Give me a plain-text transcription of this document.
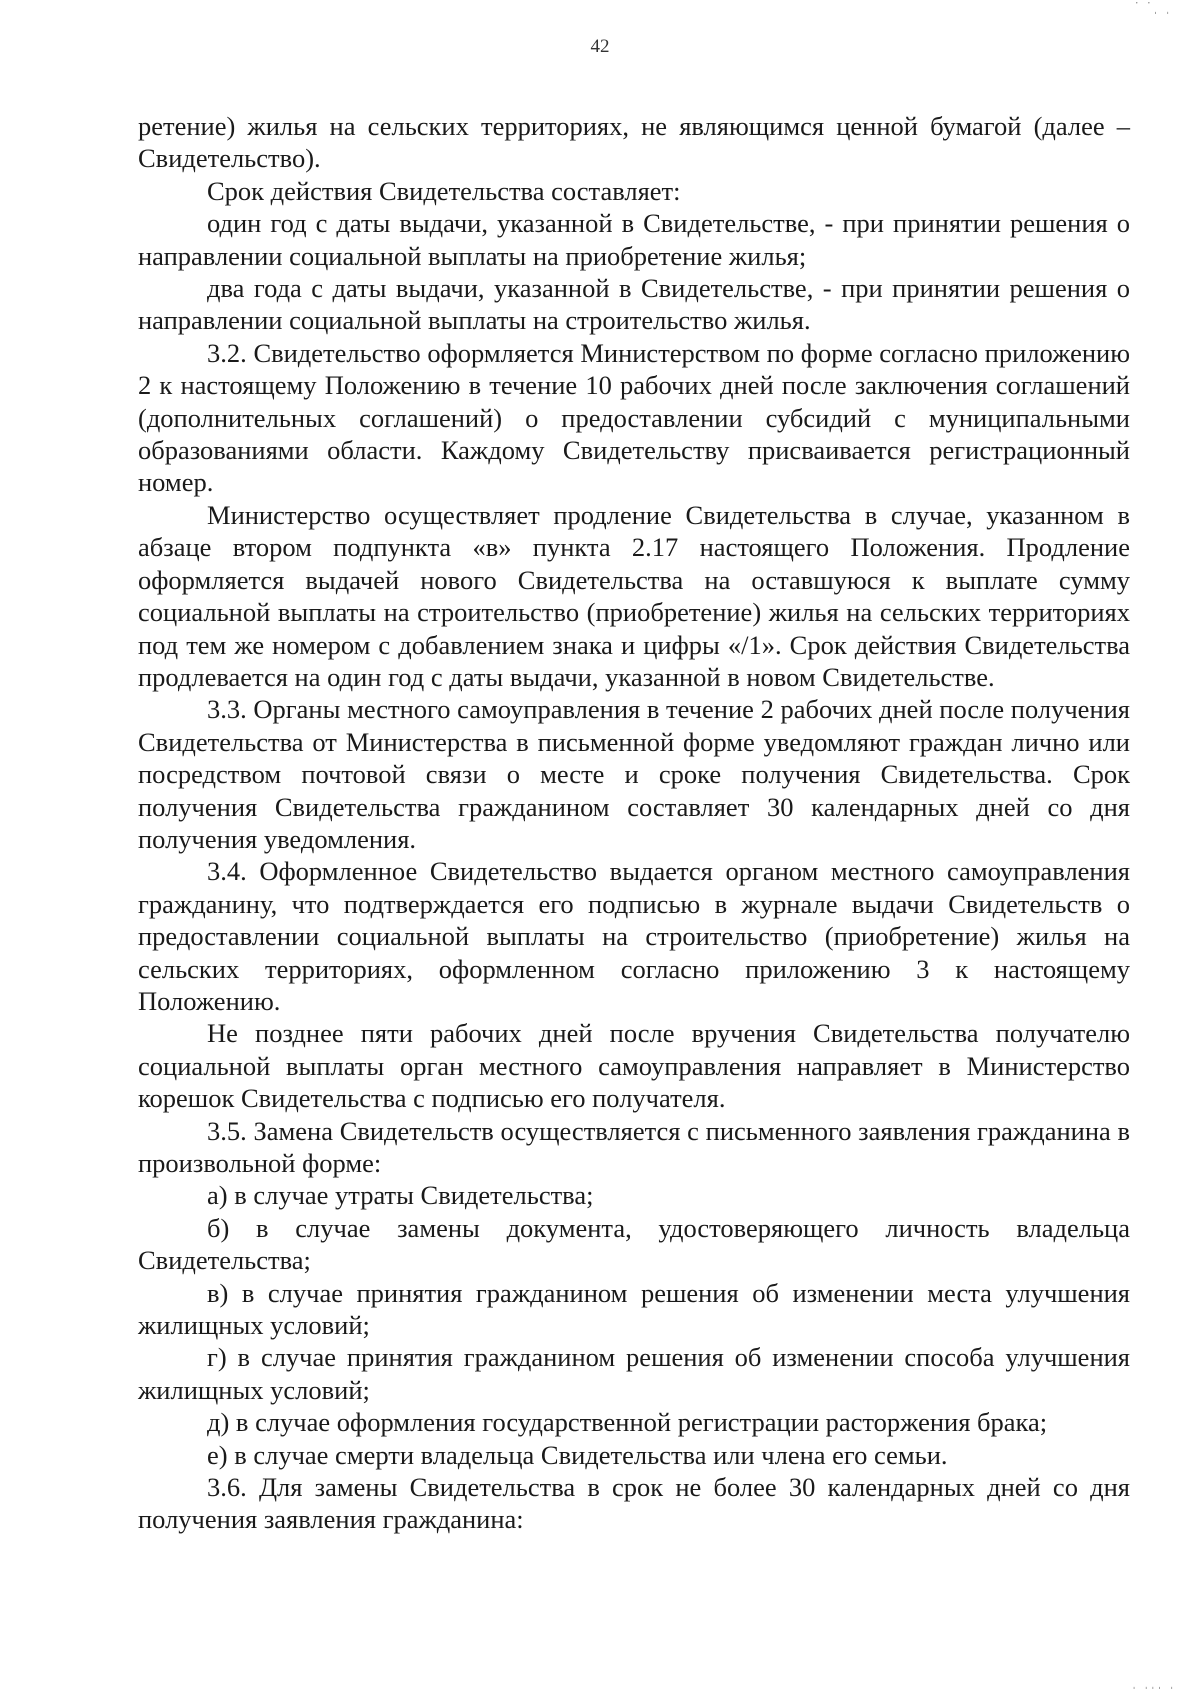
˙ ˙ˌ ˌ
42

ретение) жилья на сельских территориях, не являющимся ценной бумагой (далее – Свидетельство).

Срок действия Свидетельства составляет:

один год с даты выдачи, указанной в Свидетельстве, - при принятии решения о направлении социальной выплаты на приобретение жилья;

два года с даты выдачи, указанной в Свидетельстве, - при принятии решения о направлении социальной выплаты на строительство жилья.

3.2. Свидетельство оформляется Министерством по форме согласно приложению 2 к настоящему Положению в течение 10 рабочих дней после заключения соглашений (дополнительных соглашений) о предоставлении субсидий с муниципальными образованиями области. Каждому Свидетельству присваивается регистрационный номер.

Министерство осуществляет продление Свидетельства в случае, указанном в абзаце втором подпункта «в» пункта 2.17 настоящего Положения. Продление оформляется выдачей нового Свидетельства на оставшуюся к выплате сумму социальной выплаты на строительство (приобретение) жилья на сельских территориях под тем же номером с добавлением знака и цифры «/1». Срок действия Свидетельства продлевается на один год с даты выдачи, указанной в новом Свидетельстве.

3.3. Органы местного самоуправления в течение 2 рабочих дней после получения Свидетельства от Министерства в письменной форме уведомляют граждан лично или посредством почтовой связи о месте и сроке получения Свидетельства. Срок получения Свидетельства гражданином составляет 30 календарных дней со дня получения уведомления.

3.4. Оформленное Свидетельство выдается органом местного самоуправления гражданину, что подтверждается его подписью в журнале выдачи Свидетельств о предоставлении социальной выплаты на строительство (приобретение) жилья на сельских территориях, оформленном согласно приложению 3 к настоящему Положению.

Не позднее пяти рабочих дней после вручения Свидетельства получателю социальной выплаты орган местного самоуправления направляет в Министерство корешок Свидетельства с подписью его получателя.

3.5. Замена Свидетельств осуществляется с письменного заявления гражданина в произвольной форме:

а) в случае утраты Свидетельства;

б) в случае замены документа, удостоверяющего личность владельца Свидетельства;

в) в случае принятия гражданином решения об изменении места улучшения жилищных условий;

г) в случае принятия гражданином решения об изменении способа улучшения жилищных условий;

д) в случае оформления государственной регистрации расторжения брака;

е) в случае смерти владельца Свидетельства или члена его семьи.

3.6. Для замены Свидетельства в срок не более 30 календарных дней со дня получения заявления гражданина:

ˌ ˌˌˌ ˌ
